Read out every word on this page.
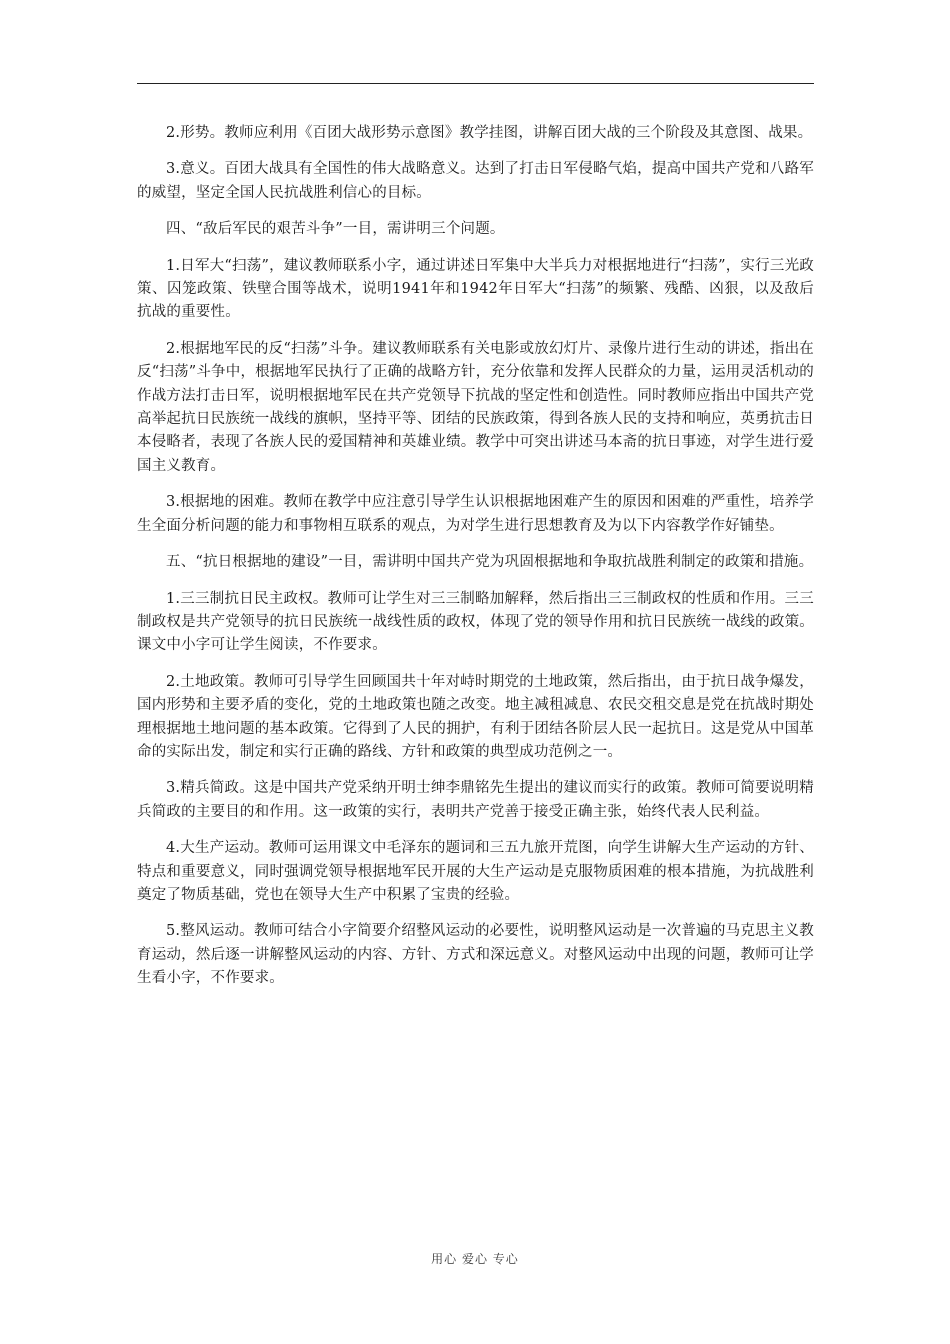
2.形势。教师应利用《百团大战形势示意图》教学挂图，讲解百团大战的三个阶段及其意图、战果。

3.意义。百团大战具有全国性的伟大战略意义。达到了打击日军侵略气焰，提高中国共产党和八路军的威望，坚定全国人民抗战胜利信心的目标。

四、“敌后军民的艰苦斗争”一目，需讲明三个问题。

1.日军大“扫荡”，建议教师联系小字，通过讲述日军集中大半兵力对根据地进行“扫荡”，实行三光政策、囚笼政策、铁壁合围等战术，说明1941年和1942年日军大“扫荡”的频繁、残酷、凶狠，以及敌后抗战的重要性。

2.根据地军民的反“扫荡”斗争。建议教师联系有关电影或放幻灯片、录像片进行生动的讲述，指出在反“扫荡”斗争中，根据地军民执行了正确的战略方针，充分依靠和发挥人民群众的力量，运用灵活机动的作战方法打击日军，说明根据地军民在共产党领导下抗战的坚定性和创造性。同时教师应指出中国共产党高举起抗日民族统一战线的旗帜，坚持平等、团结的民族政策，得到各族人民的支持和响应，英勇抗击日本侵略者，表现了各族人民的爱国精神和英雄业绩。教学中可突出讲述马本斋的抗日事迹，对学生进行爱国主义教育。

3.根据地的困难。教师在教学中应注意引导学生认识根据地困难产生的原因和困难的严重性，培养学生全面分析问题的能力和事物相互联系的观点，为对学生进行思想教育及为以下内容教学作好铺垫。

五、“抗日根据地的建设”一目，需讲明中国共产党为巩固根据地和争取抗战胜利制定的政策和措施。

1.三三制抗日民主政权。教师可让学生对三三制略加解释，然后指出三三制政权的性质和作用。三三制政权是共产党领导的抗日民族统一战线性质的政权，体现了党的领导作用和抗日民族统一战线的政策。课文中小字可让学生阅读，不作要求。

2.土地政策。教师可引导学生回顾国共十年对峙时期党的土地政策，然后指出，由于抗日战争爆发，国内形势和主要矛盾的变化，党的土地政策也随之改变。地主减租减息、农民交租交息是党在抗战时期处理根据地土地问题的基本政策。它得到了人民的拥护，有利于团结各阶层人民一起抗日。这是党从中国革命的实际出发，制定和实行正确的路线、方针和政策的典型成功范例之一。

3.精兵简政。这是中国共产党采纳开明士绅李鼎铭先生提出的建议而实行的政策。教师可简要说明精兵简政的主要目的和作用。这一政策的实行，表明共产党善于接受正确主张，始终代表人民利益。

4.大生产运动。教师可运用课文中毛泽东的题词和三五九旅开荒图，向学生讲解大生产运动的方针、特点和重要意义，同时强调党领导根据地军民开展的大生产运动是克服物质困难的根本措施，为抗战胜利奠定了物质基础，党也在领导大生产中积累了宝贵的经验。

5.整风运动。教师可结合小字简要介绍整风运动的必要性，说明整风运动是一次普遍的马克思主义教育运动，然后逐一讲解整风运动的内容、方针、方式和深远意义。对整风运动中出现的问题，教师可让学生看小字，不作要求。

用心 爱心 专心
